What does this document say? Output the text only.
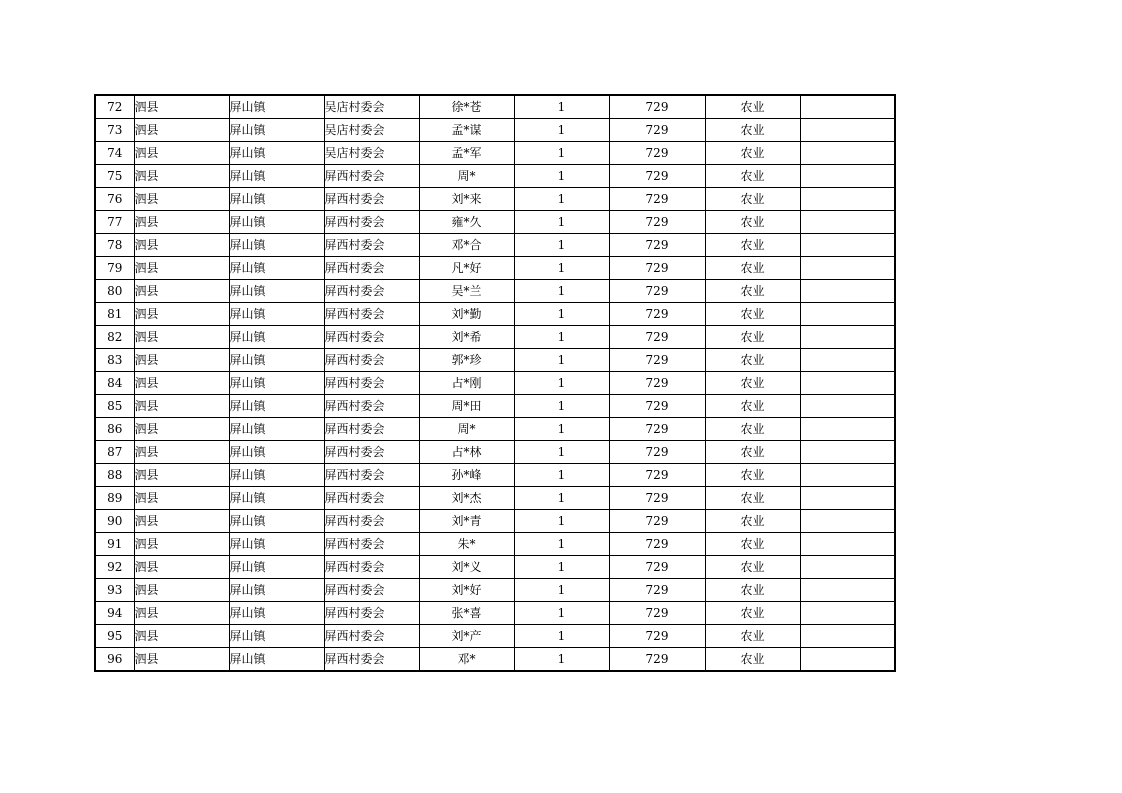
72	泗县	屏山镇	吴店村委会	徐*苍	1	729	农业	
73	泗县	屏山镇	吴店村委会	孟*谋	1	729	农业	
74	泗县	屏山镇	吴店村委会	孟*军	1	729	农业	
75	泗县	屏山镇	屏西村委会	周*	1	729	农业	
76	泗县	屏山镇	屏西村委会	刘*来	1	729	农业	
77	泗县	屏山镇	屏西村委会	雍*久	1	729	农业	
78	泗县	屏山镇	屏西村委会	邓*合	1	729	农业	
79	泗县	屏山镇	屏西村委会	凡*好	1	729	农业	
80	泗县	屏山镇	屏西村委会	吴*兰	1	729	农业	
81	泗县	屏山镇	屏西村委会	刘*勤	1	729	农业	
82	泗县	屏山镇	屏西村委会	刘*希	1	729	农业	
83	泗县	屏山镇	屏西村委会	郭*珍	1	729	农业	
84	泗县	屏山镇	屏西村委会	占*刚	1	729	农业	
85	泗县	屏山镇	屏西村委会	周*田	1	729	农业	
86	泗县	屏山镇	屏西村委会	周*	1	729	农业	
87	泗县	屏山镇	屏西村委会	占*林	1	729	农业	
88	泗县	屏山镇	屏西村委会	孙*峰	1	729	农业	
89	泗县	屏山镇	屏西村委会	刘*杰	1	729	农业	
90	泗县	屏山镇	屏西村委会	刘*青	1	729	农业	
91	泗县	屏山镇	屏西村委会	朱*	1	729	农业	
92	泗县	屏山镇	屏西村委会	刘*义	1	729	农业	
93	泗县	屏山镇	屏西村委会	刘*好	1	729	农业	
94	泗县	屏山镇	屏西村委会	张*喜	1	729	农业	
95	泗县	屏山镇	屏西村委会	刘*产	1	729	农业	
96	泗县	屏山镇	屏西村委会	邓*	1	729	农业	
